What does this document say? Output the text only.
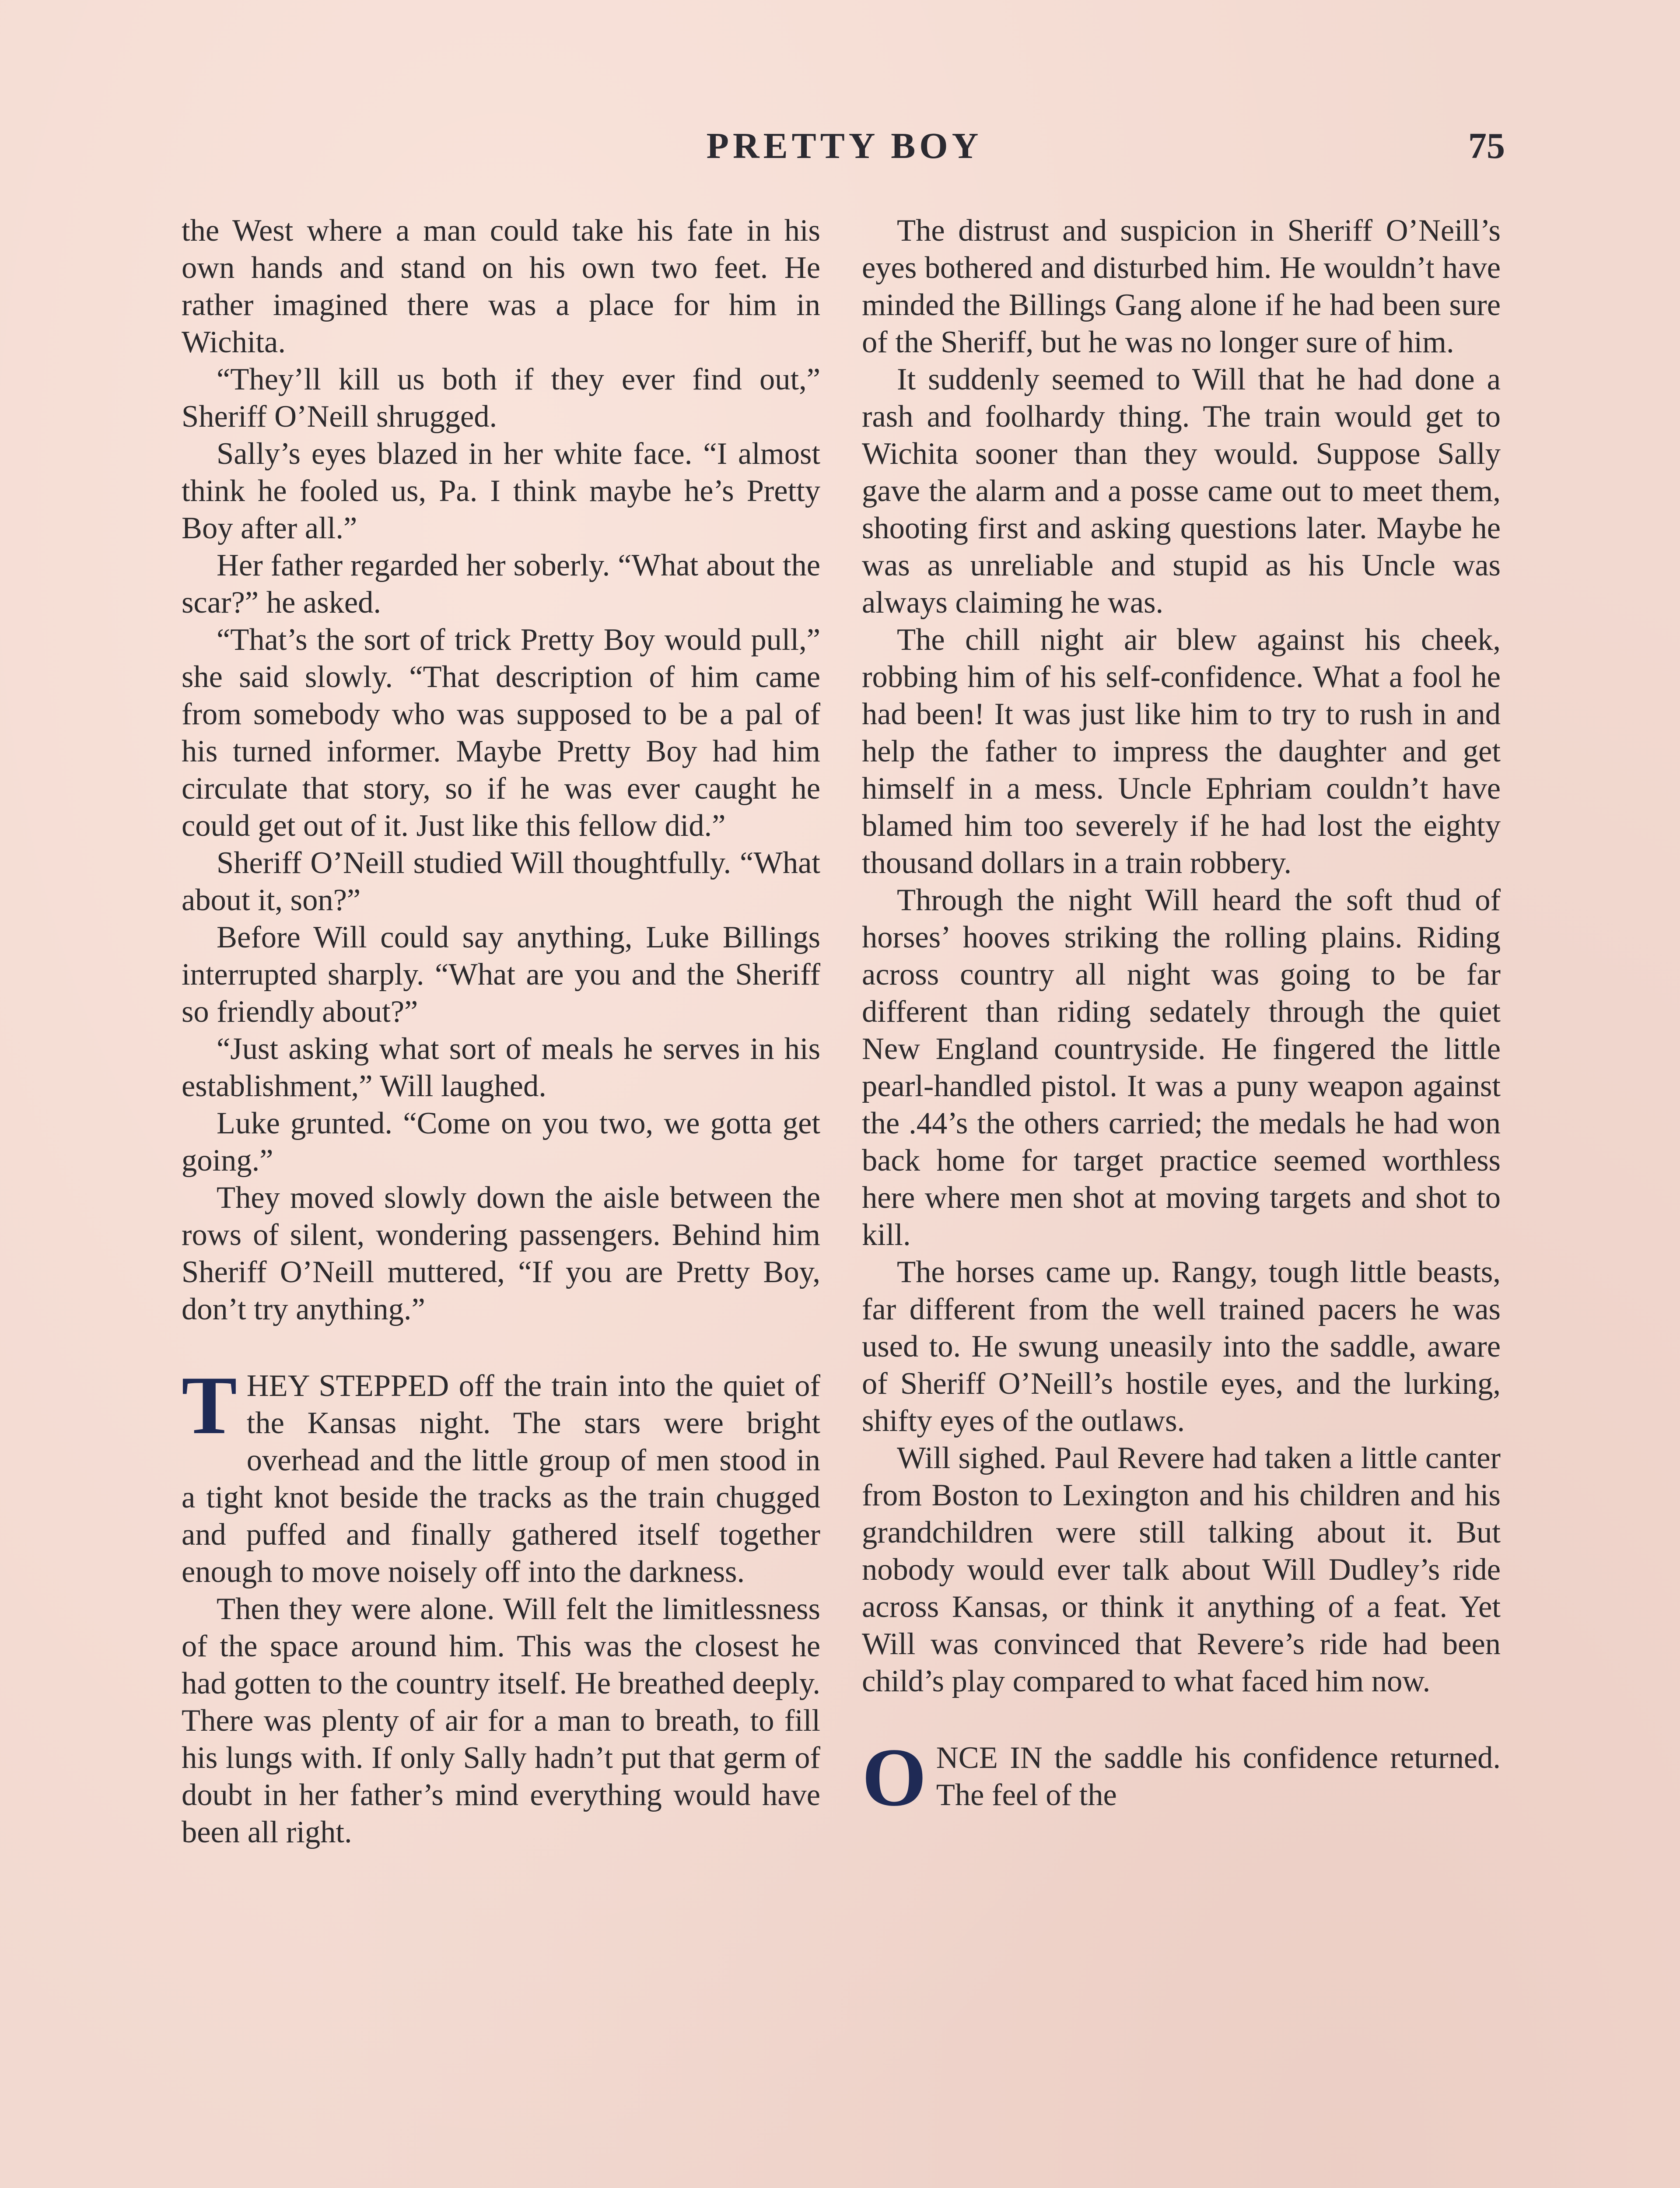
PRETTY BOY	75

the West where a man could take his fate in his own hands and stand on his own two feet. He rather imagined there was a place for him in Wichita.

“They’ll kill us both if they ever find out,” Sheriff O’Neill shrugged.

Sally’s eyes blazed in her white face. “I almost think he fooled us, Pa. I think maybe he’s Pretty Boy after all.”

Her father regarded her soberly. “What about the scar?” he asked.

“That’s the sort of trick Pretty Boy would pull,” she said slowly. “That description of him came from somebody who was supposed to be a pal of his turned informer. Maybe Pretty Boy had him circulate that story, so if he was ever caught he could get out of it. Just like this fellow did.”

Sheriff O’Neill studied Will thoughtfully. “What about it, son?”

Before Will could say anything, Luke Billings interrupted sharply. “What are you and the Sheriff so friendly about?”

“Just asking what sort of meals he serves in his establishment,” Will laughed.

Luke grunted. “Come on you two, we gotta get going.”

They moved slowly down the aisle between the rows of silent, wondering passengers. Behind him Sheriff O’Neill muttered, “If you are Pretty Boy, don’t try anything.”

THEY STEPPED off the train into the quiet of the Kansas night. The stars were bright overhead and the little group of men stood in a tight knot beside the tracks as the train chugged and puffed and finally gathered itself together enough to move noisely off into the darkness.

Then they were alone. Will felt the limitlessness of the space around him. This was the closest he had gotten to the country itself. He breathed deeply. There was plenty of air for a man to breath, to fill his lungs with. If only Sally hadn’t put that germ of doubt in her father’s mind everything would have been all right.

The distrust and suspicion in Sheriff O’Neill’s eyes bothered and disturbed him. He wouldn’t have minded the Billings Gang alone if he had been sure of the Sheriff, but he was no longer sure of him.

It suddenly seemed to Will that he had done a rash and foolhardy thing. The train would get to Wichita sooner than they would. Suppose Sally gave the alarm and a posse came out to meet them, shooting first and asking questions later. Maybe he was as unreliable and stupid as his Uncle was always claiming he was.

The chill night air blew against his cheek, robbing him of his self-confidence. What a fool he had been! It was just like him to try to rush in and help the father to impress the daughter and get himself in a mess. Uncle Ephriam couldn’t have blamed him too severely if he had lost the eighty thousand dollars in a train robbery.

Through the night Will heard the soft thud of horses’ hooves striking the rolling plains. Riding across country all night was going to be far different than riding sedately through the quiet New England countryside. He fingered the little pearl-handled pistol. It was a puny weapon against the .44’s the others carried; the medals he had won back home for target practice seemed worthless here where men shot at moving targets and shot to kill.

The horses came up. Rangy, tough little beasts, far different from the well trained pacers he was used to. He swung uneasily into the saddle, aware of Sheriff O’Neill’s hostile eyes, and the lurking, shifty eyes of the outlaws.

Will sighed. Paul Revere had taken a little canter from Boston to Lexington and his children and his grandchildren were still talking about it. But nobody would ever talk about Will Dudley’s ride across Kansas, or think it anything of a feat. Yet Will was convinced that Revere’s ride had been child’s play compared to what faced him now.

ONCE IN the saddle his confidence returned. The feel of the
